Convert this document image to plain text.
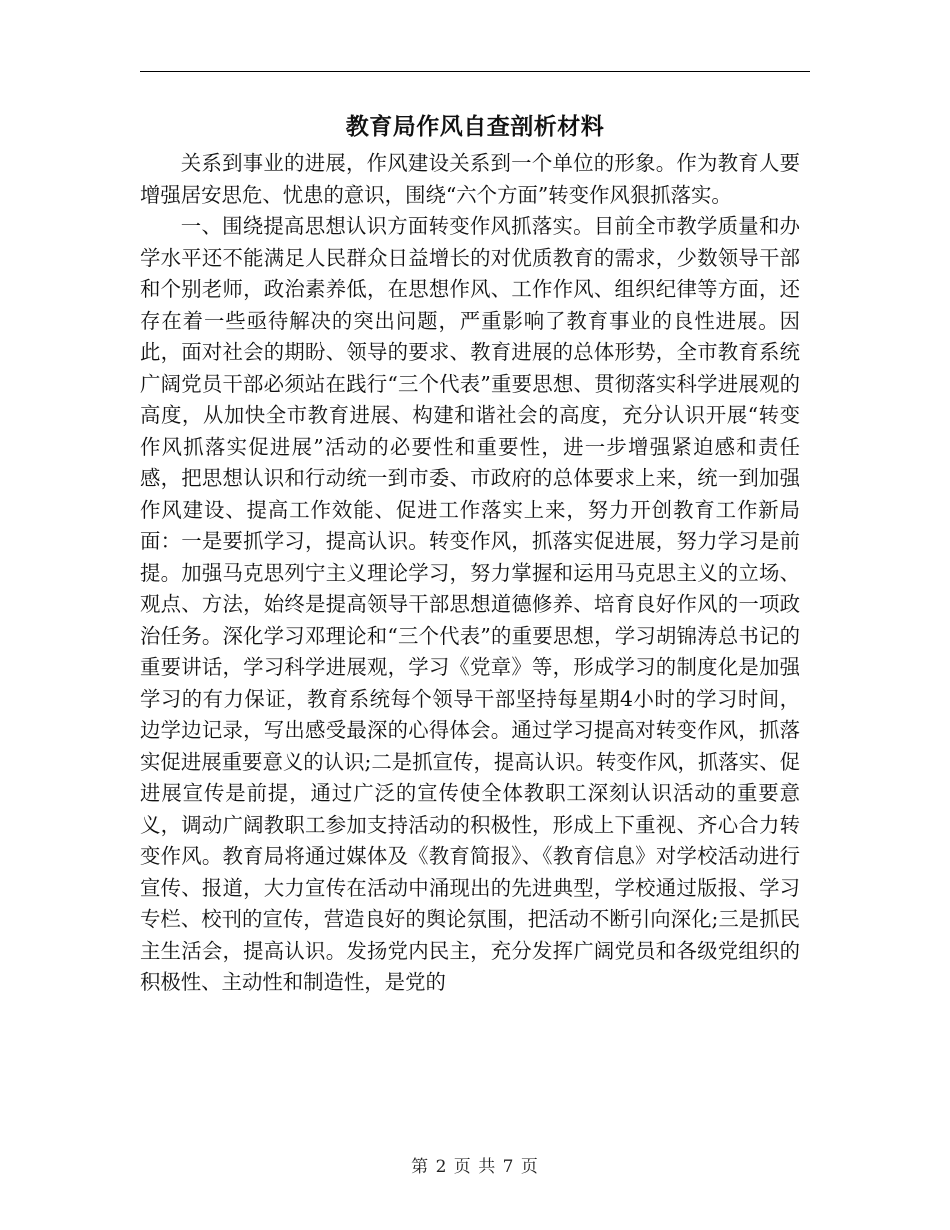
教育局作风自查剖析材料

关系到事业的进展，作风建设关系到一个单位的形象。作为教育人要增强居安思危、忧患的意识，围绕“六个方面”转变作风狠抓落实。

一、围绕提高思想认识方面转变作风抓落实。目前全市教学质量和办学水平还不能满足人民群众日益增长的对优质教育的需求，少数领导干部和个别老师，政治素养低，在思想作风、工作作风、组织纪律等方面，还存在着一些亟待解决的突出问题，严重影响了教育事业的良性进展。因此，面对社会的期盼、领导的要求、教育进展的总体形势，全市教育系统广阔党员干部必须站在践行“三个代表”重要思想、贯彻落实科学进展观的高度，从加快全市教育进展、构建和谐社会的高度，充分认识开展“转变作风抓落实促进展”活动的必要性和重要性，进一步增强紧迫感和责任感，把思想认识和行动统一到市委、市政府的总体要求上来，统一到加强作风建设、提高工作效能、促进工作落实上来，努力开创教育工作新局面：一是要抓学习，提高认识。转变作风，抓落实促进展，努力学习是前提。加强马克思列宁主义理论学习，努力掌握和运用马克思主义的立场、观点、方法，始终是提高领导干部思想道德修养、培育良好作风的一项政治任务。深化学习邓理论和“三个代表”的重要思想，学习胡锦涛总书记的重要讲话，学习科学进展观，学习《党章》等，形成学习的制度化是加强学习的有力保证，教育系统每个领导干部坚持每星期4小时的学习时间，边学边记录，写出感受最深的心得体会。通过学习提高对转变作风，抓落实促进展重要意义的认识;二是抓宣传，提高认识。转变作风，抓落实、促进展宣传是前提，通过广泛的宣传使全体教职工深刻认识活动的重要意义，调动广阔教职工参加支持活动的积极性，形成上下重视、齐心合力转变作风。教育局将通过媒体及《教育简报》、《教育信息》对学校活动进行宣传、报道，大力宣传在活动中涌现出的先进典型，学校通过版报、学习专栏、校刊的宣传，营造良好的舆论氛围，把活动不断引向深化;三是抓民主生活会，提高认识。发扬党内民主，充分发挥广阔党员和各级党组织的积极性、主动性和制造性，是党的

第 2 页 共 7 页
